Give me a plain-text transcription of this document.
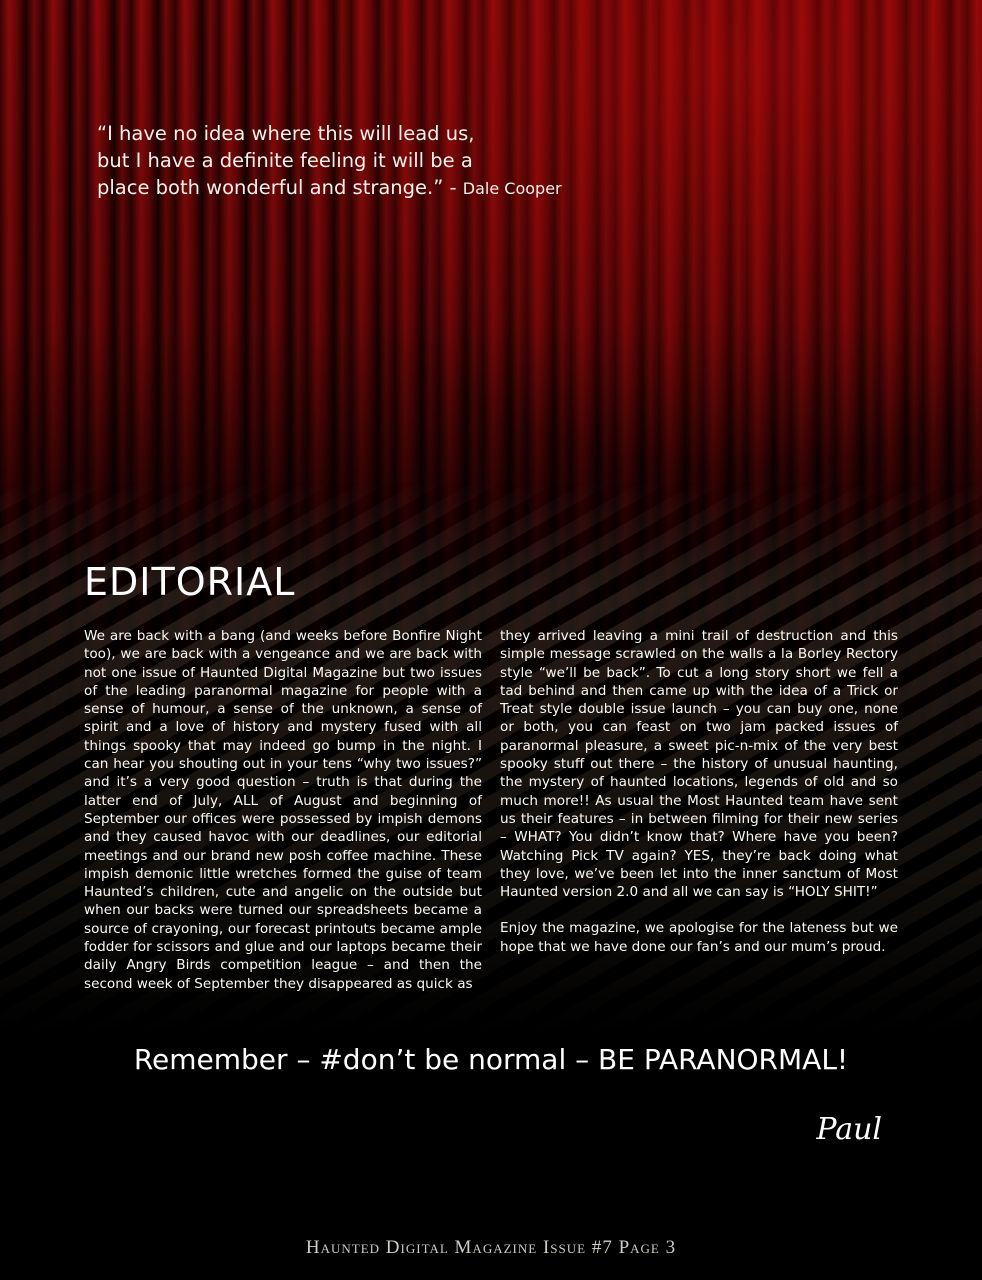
“I have no idea where this will lead us,
but I have a definite feeling it will be a
place both wonderful and strange.” - Dale Cooper
EDITORIAL

We are back with a bang (and weeks before Bonfire Night too), we are back with a vengeance and we are back with not one issue of Haunted Digital Magazine but two issues of the leading paranormal magazine for people with a sense of humour, a sense of the unknown, a sense of spirit and a love of history and mystery fused with all things spooky that may indeed go bump in the night. I can hear you shouting out in your tens “why two issues?” and it’s a very good question – truth is that during the latter end of July, ALL of August and beginning of September our offices were possessed by impish demons and they caused havoc with our deadlines, our editorial meetings and our brand new posh coffee machine. These impish demonic little wretches formed the guise of team Haunted’s children, cute and angelic on the outside but when our backs were turned our spreadsheets became a source of crayoning, our forecast printouts became ample fodder for scissors and glue and our laptops became their daily Angry Birds competition league – and then the second week of September they disappeared as quick as

they arrived leaving a mini trail of destruction and this simple message scrawled on the walls a la Borley Rectory style “we’ll be back”. To cut a long story short we fell a tad behind and then came up with the idea of a Trick or Treat style double issue launch – you can buy one, none or both, you can feast on two jam packed issues of paranormal pleasure, a sweet pic-n-mix of the very best spooky stuff out there – the history of unusual haunting, the mystery of haunted locations, legends of old and so much more!! As usual the Most Haunted team have sent us their features – in between filming for their new series – WHAT? You didn’t know that? Where have you been? Watching Pick TV again? YES, they’re back doing what they love, we’ve been let into the inner sanctum of Most Haunted version 2.0 and all we can say is “HOLY SHIT!”

Enjoy the magazine, we apologise for the lateness but we hope that we have done our fan’s and our mum’s proud.

Remember – #don’t be normal – BE PARANORMAL!
Paul
Haunted Digital Magazine Issue #7 Page 3
